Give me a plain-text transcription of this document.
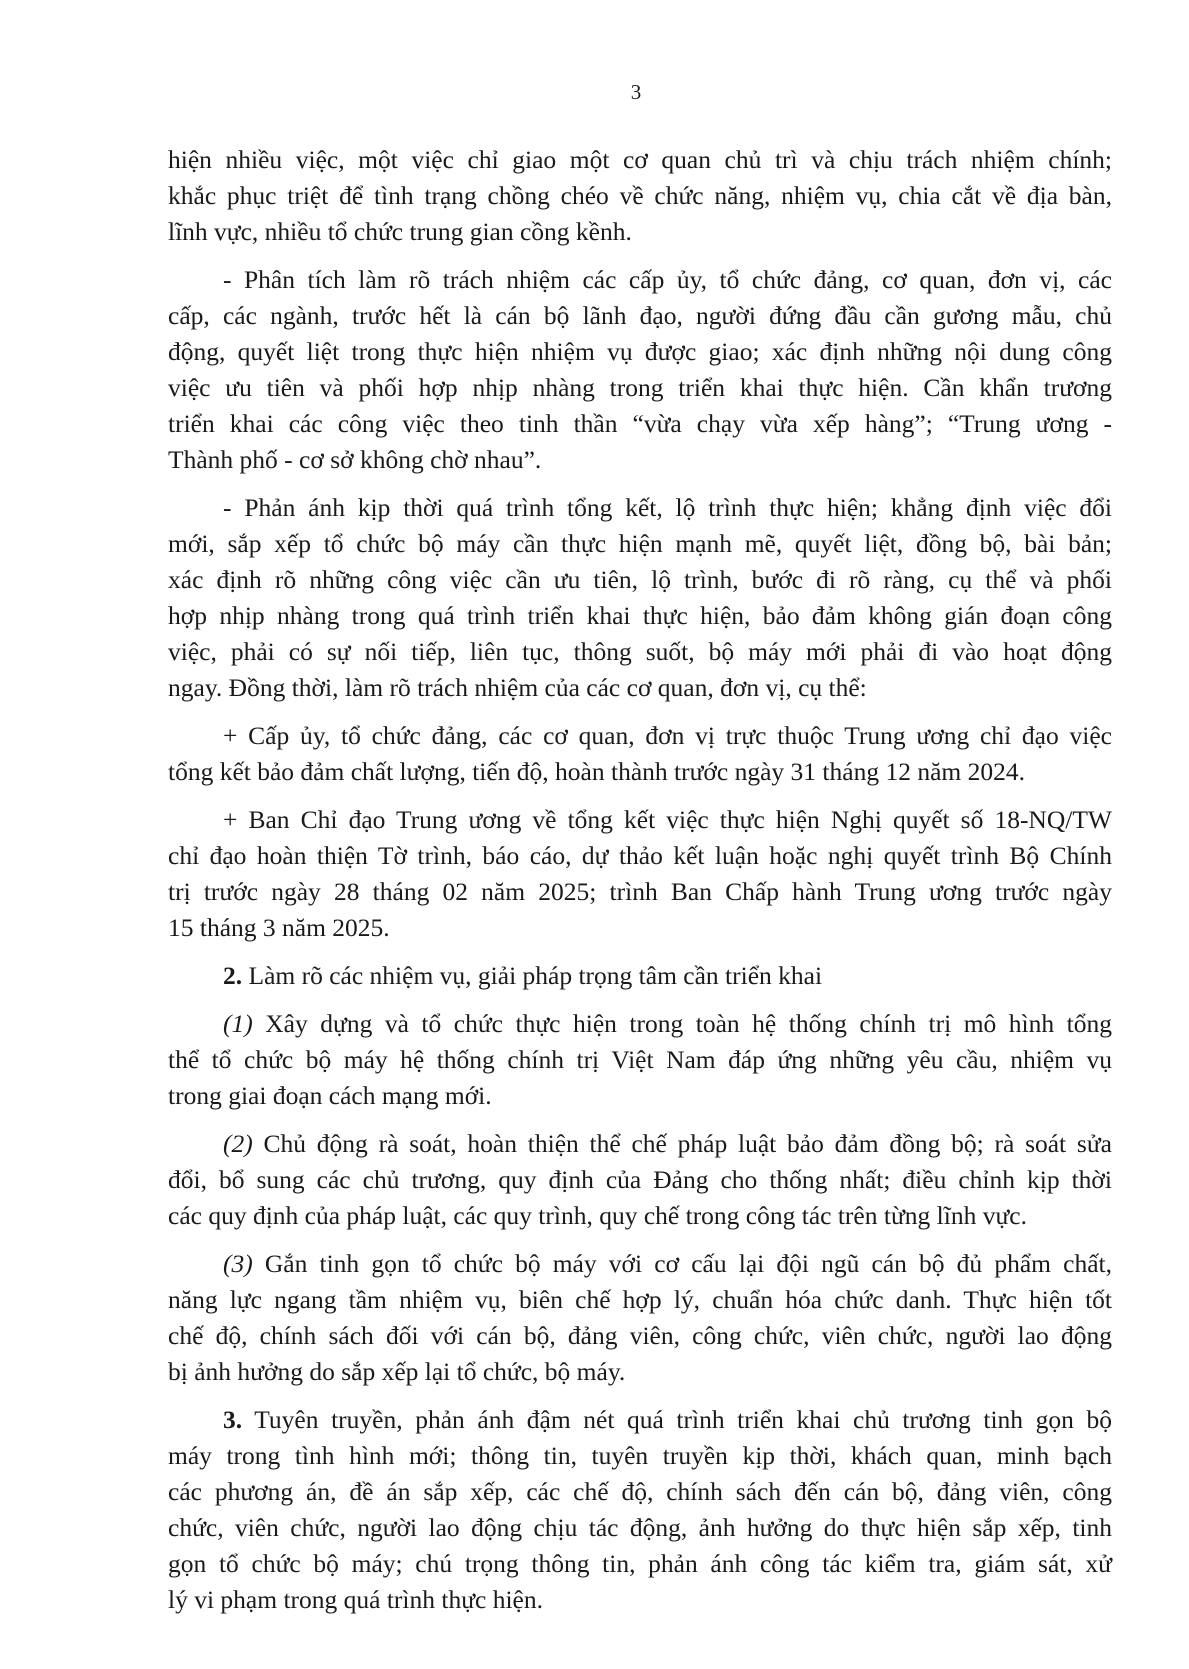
3
hiện nhiều việc, một việc chỉ giao một cơ quan chủ trì và chịu trách nhiệm chính;
khắc phục triệt để tình trạng chồng chéo về chức năng, nhiệm vụ, chia cắt về địa bàn,
lĩnh vực, nhiều tổ chức trung gian cồng kềnh.
- Phân tích làm rõ trách nhiệm các cấp ủy, tổ chức đảng, cơ quan, đơn vị, các
cấp, các ngành, trước hết là cán bộ lãnh đạo, người đứng đầu cần gương mẫu, chủ
động, quyết liệt trong thực hiện nhiệm vụ được giao; xác định những nội dung công
việc ưu tiên và phối hợp nhịp nhàng trong triển khai thực hiện. Cần khẩn trương
triển khai các công việc theo tinh thần “vừa chạy vừa xếp hàng”; “Trung ương -
Thành phố - cơ sở không chờ nhau”.
- Phản ánh kịp thời quá trình tổng kết, lộ trình thực hiện; khẳng định việc đổi
mới, sắp xếp tổ chức bộ máy cần thực hiện mạnh mẽ, quyết liệt, đồng bộ, bài bản;
xác định rõ những công việc cần ưu tiên, lộ trình, bước đi rõ ràng, cụ thể và phối
hợp nhịp nhàng trong quá trình triển khai thực hiện, bảo đảm không gián đoạn công
việc, phải có sự nối tiếp, liên tục, thông suốt, bộ máy mới phải đi vào hoạt động
ngay. Đồng thời, làm rõ trách nhiệm của các cơ quan, đơn vị, cụ thể:
+ Cấp ủy, tổ chức đảng, các cơ quan, đơn vị trực thuộc Trung ương chỉ đạo việc
tổng kết bảo đảm chất lượng, tiến độ, hoàn thành trước ngày 31 tháng 12 năm 2024.
+ Ban Chỉ đạo Trung ương về tổng kết việc thực hiện Nghị quyết số 18-NQ/TW
chỉ đạo hoàn thiện Tờ trình, báo cáo, dự thảo kết luận hoặc nghị quyết trình Bộ Chính
trị trước ngày 28 tháng 02 năm 2025; trình Ban Chấp hành Trung ương trước ngày
15 tháng 3 năm 2025.
2. Làm rõ các nhiệm vụ, giải pháp trọng tâm cần triển khai
(1) Xây dựng và tổ chức thực hiện trong toàn hệ thống chính trị mô hình tổng
thể tổ chức bộ máy hệ thống chính trị Việt Nam đáp ứng những yêu cầu, nhiệm vụ
trong giai đoạn cách mạng mới.
(2) Chủ động rà soát, hoàn thiện thể chế pháp luật bảo đảm đồng bộ; rà soát sửa
đổi, bổ sung các chủ trương, quy định của Đảng cho thống nhất; điều chỉnh kịp thời
các quy định của pháp luật, các quy trình, quy chế trong công tác trên từng lĩnh vực.
(3) Gắn tinh gọn tổ chức bộ máy với cơ cấu lại đội ngũ cán bộ đủ phẩm chất,
năng lực ngang tầm nhiệm vụ, biên chế hợp lý, chuẩn hóa chức danh. Thực hiện tốt
chế độ, chính sách đối với cán bộ, đảng viên, công chức, viên chức, người lao động
bị ảnh hưởng do sắp xếp lại tổ chức, bộ máy.
3. Tuyên truyền, phản ánh đậm nét quá trình triển khai chủ trương tinh gọn bộ
máy trong tình hình mới; thông tin, tuyên truyền kịp thời, khách quan, minh bạch
các phương án, đề án sắp xếp, các chế độ, chính sách đến cán bộ, đảng viên, công
chức, viên chức, người lao động chịu tác động, ảnh hưởng do thực hiện sắp xếp, tinh
gọn tổ chức bộ máy; chú trọng thông tin, phản ánh công tác kiểm tra, giám sát, xử
lý vi phạm trong quá trình thực hiện.
